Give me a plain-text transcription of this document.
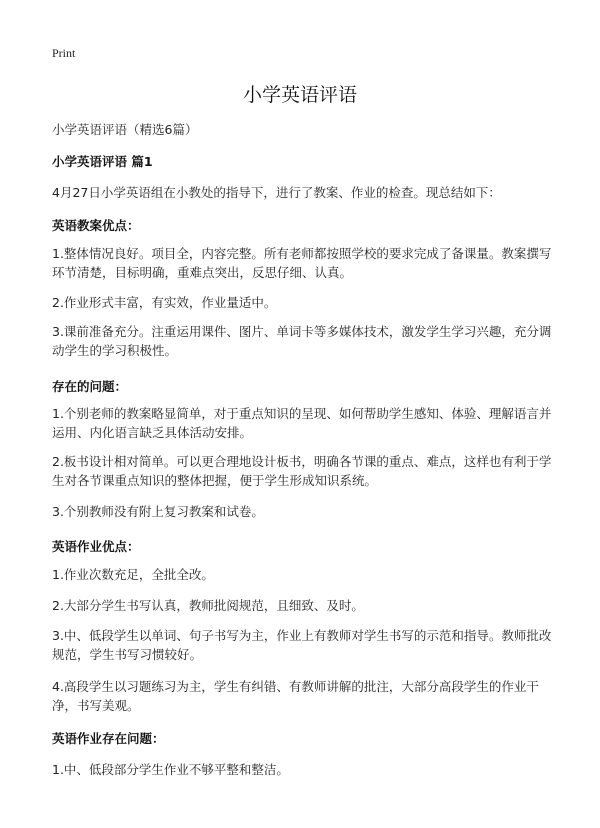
Print
小学英语评语
小学英语评语（精选6篇）
小学英语评语 篇1
4月27日小学英语组在小教处的指导下，进行了教案、作业的检查。现总结如下：
英语教案优点：
1.整体情况良好。项目全，内容完整。所有老师都按照学校的要求完成了备课量。教案撰写环节清楚，目标明确，重难点突出，反思仔细、认真。
2.作业形式丰富，有实效，作业量适中。
3.课前准备充分。注重运用课件、图片、单词卡等多媒体技术，激发学生学习兴趣，充分调动学生的学习积极性。
存在的问题：
1.个别老师的教案略显简单，对于重点知识的呈现、如何帮助学生感知、体验、理解语言并运用、内化语言缺乏具体活动安排。
2.板书设计相对简单。可以更合理地设计板书，明确各节课的重点、难点，这样也有利于学生对各节课重点知识的整体把握，便于学生形成知识系统。
3.个别教师没有附上复习教案和试卷。
英语作业优点：
1.作业次数充足，全批全改。
2.大部分学生书写认真，教师批阅规范，且细致、及时。
3.中、低段学生以单词、句子书写为主，作业上有教师对学生书写的示范和指导。教师批改规范，学生书写习惯较好。
4.高段学生以习题练习为主，学生有纠错、有教师讲解的批注，大部分高段学生的作业干净，书写美观。
英语作业存在问题：
1.中、低段部分学生作业不够平整和整洁。
